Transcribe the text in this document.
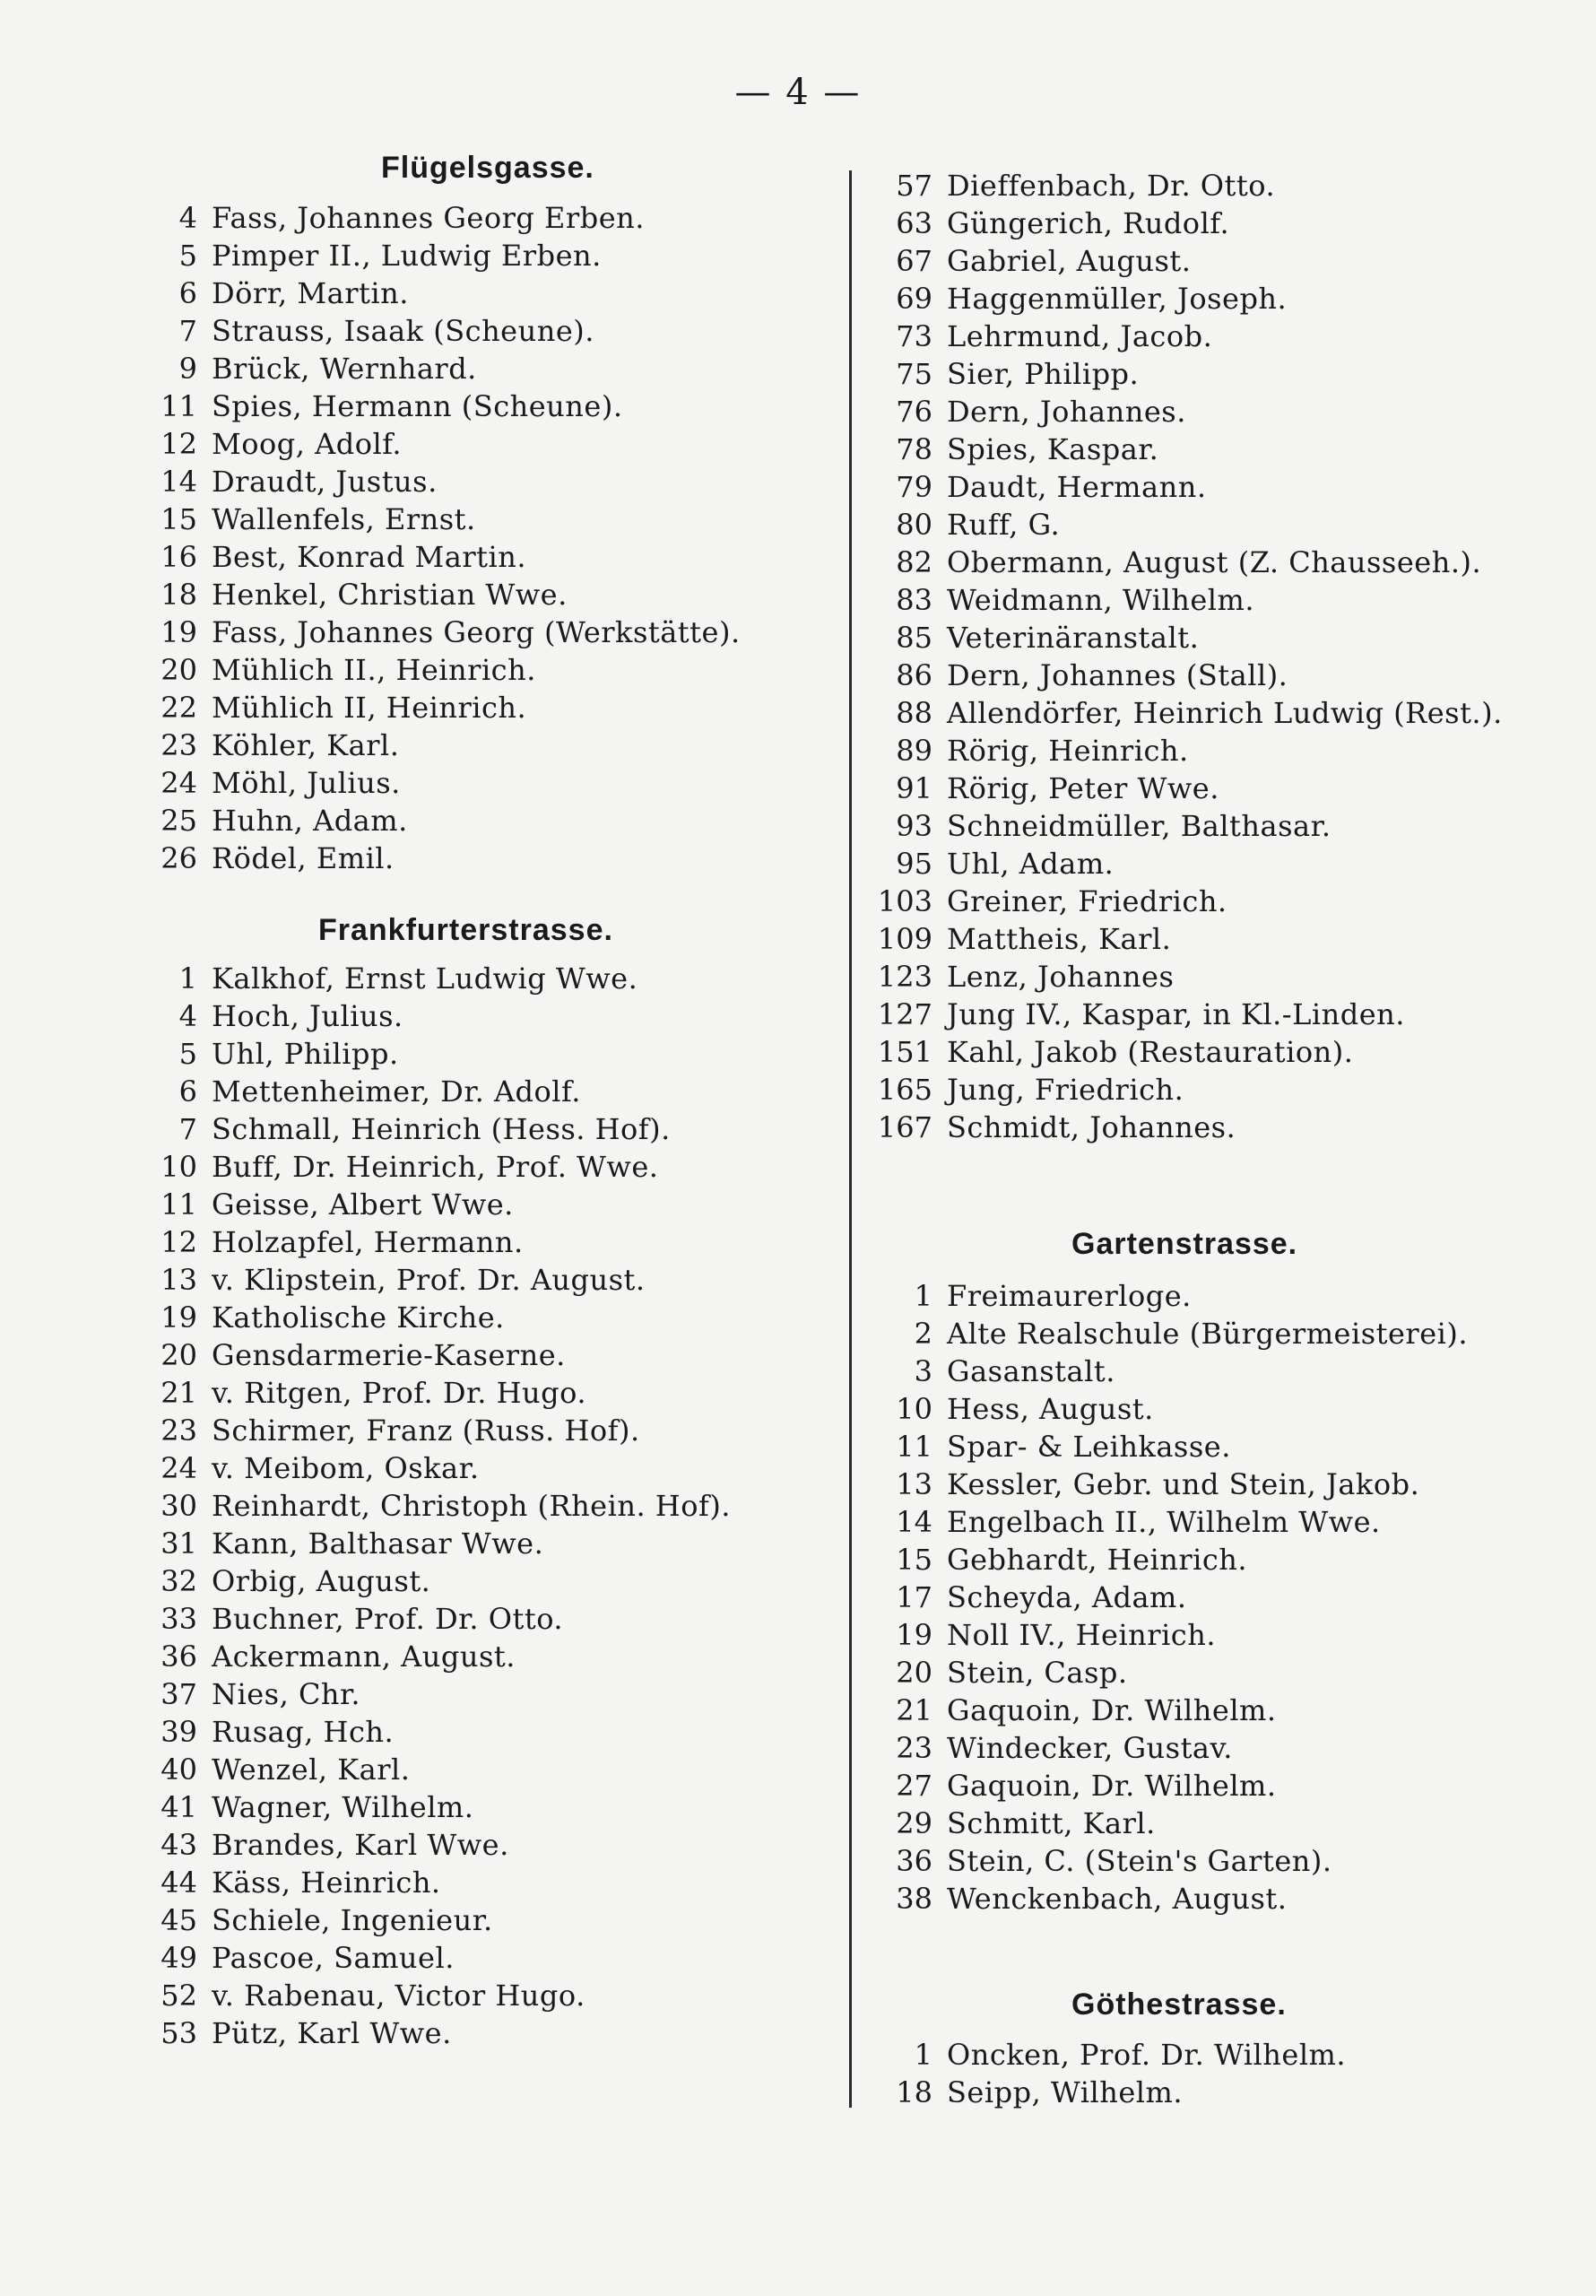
— 4 —
Flügelsgasse.
4 Fass, Johannes Georg Erben.
5 Pimper II., Ludwig Erben.
6 Dörr, Martin.
7 Strauss, Isaak (Scheune).
9 Brück, Wernhard.
11 Spies, Hermann (Scheune).
12 Moog, Adolf.
14 Draudt, Justus.
15 Wallenfels, Ernst.
16 Best, Konrad Martin.
18 Henkel, Christian Wwe.
19 Fass, Johannes Georg (Werkstätte).
20 Mühlich II., Heinrich.
22 Mühlich II, Heinrich.
23 Köhler, Karl.
24 Möhl, Julius.
25 Huhn, Adam.
26 Rödel, Emil.
Frankfurterstrasse.
1 Kalkhof, Ernst Ludwig Wwe.
4 Hoch, Julius.
5 Uhl, Philipp.
6 Mettenheimer, Dr. Adolf.
7 Schmall, Heinrich (Hess. Hof).
10 Buff, Dr. Heinrich, Prof. Wwe.
11 Geisse, Albert Wwe.
12 Holzapfel, Hermann.
13 v. Klipstein, Prof. Dr. August.
19 Katholische Kirche.
20 Gensdarmerie-Kaserne.
21 v. Ritgen, Prof. Dr. Hugo.
23 Schirmer, Franz (Russ. Hof).
24 v. Meibom, Oskar.
30 Reinhardt, Christoph (Rhein. Hof).
31 Kann, Balthasar Wwe.
32 Orbig, August.
33 Buchner, Prof. Dr. Otto.
36 Ackermann, August.
37 Nies, Chr.
39 Rusag, Hch.
40 Wenzel, Karl.
41 Wagner, Wilhelm.
43 Brandes, Karl Wwe.
44 Käss, Heinrich.
45 Schiele, Ingenieur.
49 Pascoe, Samuel.
52 v. Rabenau, Victor Hugo.
53 Pütz, Karl Wwe.
57 Dieffenbach, Dr. Otto.
63 Güngerich, Rudolf.
67 Gabriel, August.
69 Haggenmüller, Joseph.
73 Lehrmund, Jacob.
75 Sier, Philipp.
76 Dern, Johannes.
78 Spies, Kaspar.
79 Daudt, Hermann.
80 Ruff, G.
82 Obermann, August (Z. Chausseeh.).
83 Weidmann, Wilhelm.
85 Veterinäranstalt.
86 Dern, Johannes (Stall).
88 Allendörfer, Heinrich Ludwig (Rest.).
89 Rörig, Heinrich.
91 Rörig, Peter Wwe.
93 Schneidmüller, Balthasar.
95 Uhl, Adam.
103 Greiner, Friedrich.
109 Mattheis, Karl.
123 Lenz, Johannes
127 Jung IV., Kaspar, in Kl.-Linden.
151 Kahl, Jakob (Restauration).
165 Jung, Friedrich.
167 Schmidt, Johannes.
Gartenstrasse.
1 Freimaurerloge.
2 Alte Realschule (Bürgermeisterei).
3 Gasanstalt.
10 Hess, August.
11 Spar- & Leihkasse.
13 Kessler, Gebr. und Stein, Jakob.
14 Engelbach II., Wilhelm Wwe.
15 Gebhardt, Heinrich.
17 Scheyda, Adam.
19 Noll IV., Heinrich.
20 Stein, Casp.
21 Gaquoin, Dr. Wilhelm.
23 Windecker, Gustav.
27 Gaquoin, Dr. Wilhelm.
29 Schmitt, Karl.
36 Stein, C. (Stein's Garten).
38 Wenckenbach, August.
Göthestrasse.
1 Oncken, Prof. Dr. Wilhelm.
18 Seipp, Wilhelm.
